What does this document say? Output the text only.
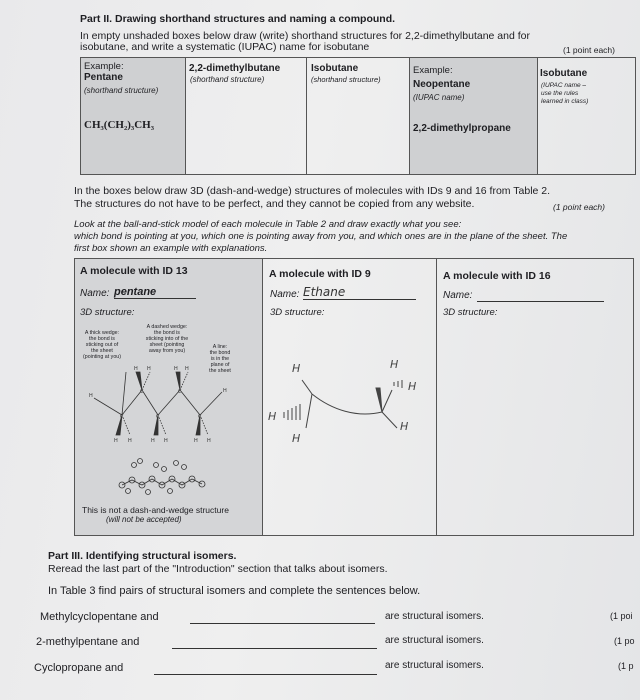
Part II. Drawing shorthand structures and naming a compound.
In empty unshaded boxes below draw (write) shorthand structures for 2,2-dimethylbutane and for
isobutane, and write a systematic (IUPAC) name for isobutane	(1 point each)
Example:
Pentane
(shorthand structure)
CH₃(CH₂)₃CH₃
2,2-dimethylbutane
(shorthand structure)
Isobutane
(shorthand structure)
Example:
Neopentane
(IUPAC name)
2,2-dimethylpropane
Isobutane
(IUPAC name –
use the rules
learned in class)
In the boxes below draw 3D (dash-and-wedge) structures of molecules with IDs 9 and 16 from Table 2.
The structures do not have to be perfect, and they cannot be copied from any website.	(1 point each)
Look at the ball-and-stick model of each molecule in Table 2 and draw exactly what you see:
which bond is pointing at you, which one is pointing away from you, and which ones are in the plane of the sheet. The
first box shown an example with explanations.
A molecule with ID 13
Name: pentane
3D structure:
A thick wedge:
the bond is
sticking out of
the sheet
(pointing at you)
A dashed wedge:
the bond is
sticking into of the
sheet (pointing
away from you)
A line:
the bond
is in the
plane of
the sheet
C
C
C
C
C
H
H H	H H
H
H H	H H	H H
This is not a dash-and-wedge structure
(will not be accepted)
A molecule with ID 9
Name: Ethane
3D structure:
H
H
H
H
H
H
A molecule with ID 16
Name:
3D structure:
Part III. Identifying structural isomers.
Reread the last part of the "Introduction" section that talks about isomers.
In Table 3 find pairs of structural isomers and complete the sentences below.
Methylcyclopentane and	are structural isomers.	(1 poi
2-methylpentane and	are structural isomers.	(1 po
Cyclopropane and	are structural isomers.	(1 p
